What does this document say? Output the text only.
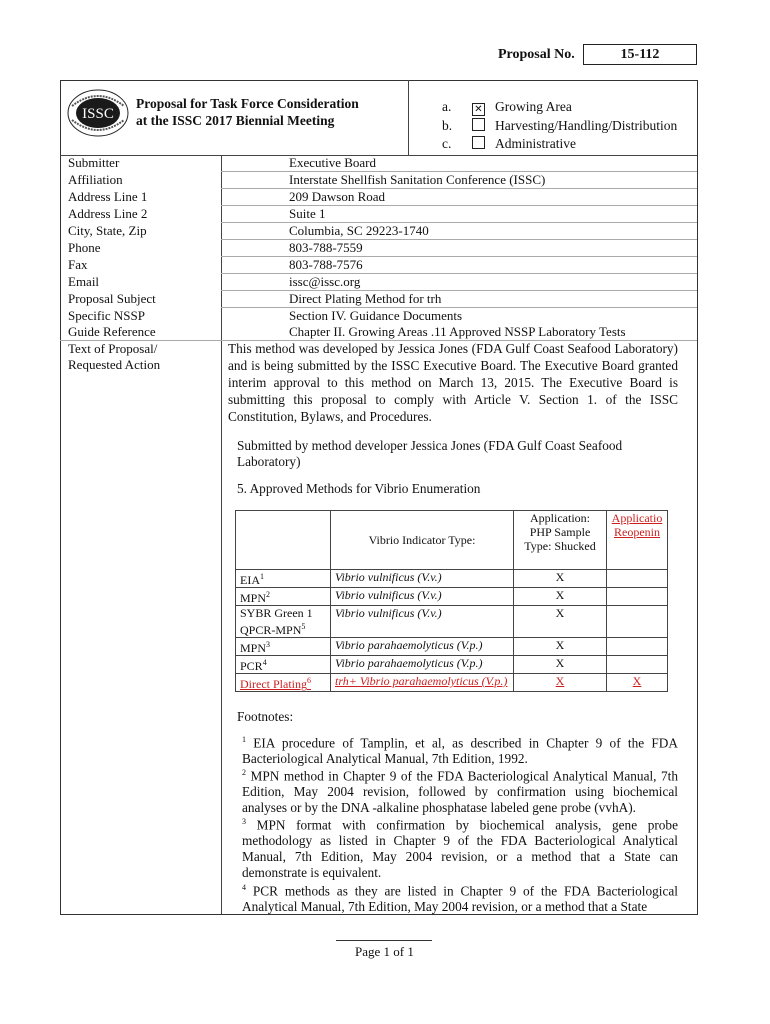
Proposal No.	15-112
ISSC
Proposal for Task Force Consideration
at the ISSC 2017 Biennial Meeting
a. ✕ Growing Area
b.	Harvesting/Handling/Distribution
c.	Administrative
Submitter	Executive Board
Affiliation	Interstate Shellfish Sanitation Conference (ISSC)
Address Line 1	209 Dawson Road
Address Line 2	Suite 1
City, State, Zip	Columbia, SC 29223-1740
Phone	803-788-7559
Fax	803-788-7576
Email	issc@issc.org
Proposal Subject	Direct Plating Method for trh
Specific NSSP	Section IV. Guidance Documents
Guide Reference	Chapter II. Growing Areas .11 Approved NSSP Laboratory Tests
Text of Proposal/
Requested Action
This method was developed by Jessica Jones (FDA Gulf Coast Seafood Laboratory) and is being submitted by the ISSC Executive Board. The Executive Board granted interim approval to this method on March 13, 2015. The Executive Board is submitting this proposal to comply with Article V. Section 1. of the ISSC Constitution, Bylaws, and Procedures.
Submitted by method developer Jessica Jones (FDA Gulf Coast Seafood Laboratory)
5. Approved Methods for Vibrio Enumeration
	Vibrio Indicator Type:	Application: PHP Sample Type: Shucked	Applicatio Reopenin
EIA$^1$	Vibrio vulnificus (V.v.)	X	
MPN$^2$	Vibrio vulnificus (V.v.)	X	
SYBR Green 1 QPCR-MPN$^5$	Vibrio vulnificus (V.v.)	X	
MPN$^3$	Vibrio parahaemolyticus (V.p.)	X	
PCR$^4$	Vibrio parahaemolyticus (V.p.)	X	
Direct Plating$^6$	trh+ Vibrio parahaemolyticus (V.p.)	X	X
Footnotes:
$^1$ EIA procedure of Tamplin, et al, as described in Chapter 9 of the FDA Bacteriological Analytical Manual, 7th Edition, 1992.
$^2$ MPN method in Chapter 9 of the FDA Bacteriological Analytical Manual, 7th Edition, May 2004 revision, followed by confirmation using biochemical analyses or by the DNA -alkaline phosphatase labeled gene probe (vvhA).
$^3$ MPN format with confirmation by biochemical analysis, gene probe methodology as listed in Chapter 9 of the FDA Bacteriological Analytical Manual, 7th Edition, May 2004 revision, or a method that a State can demonstrate is equivalent.
$^4$ PCR methods as they are listed in Chapter 9 of the FDA Bacteriological Analytical Manual, 7th Edition, May 2004 revision, or a method that a State
Page 1 of 1
